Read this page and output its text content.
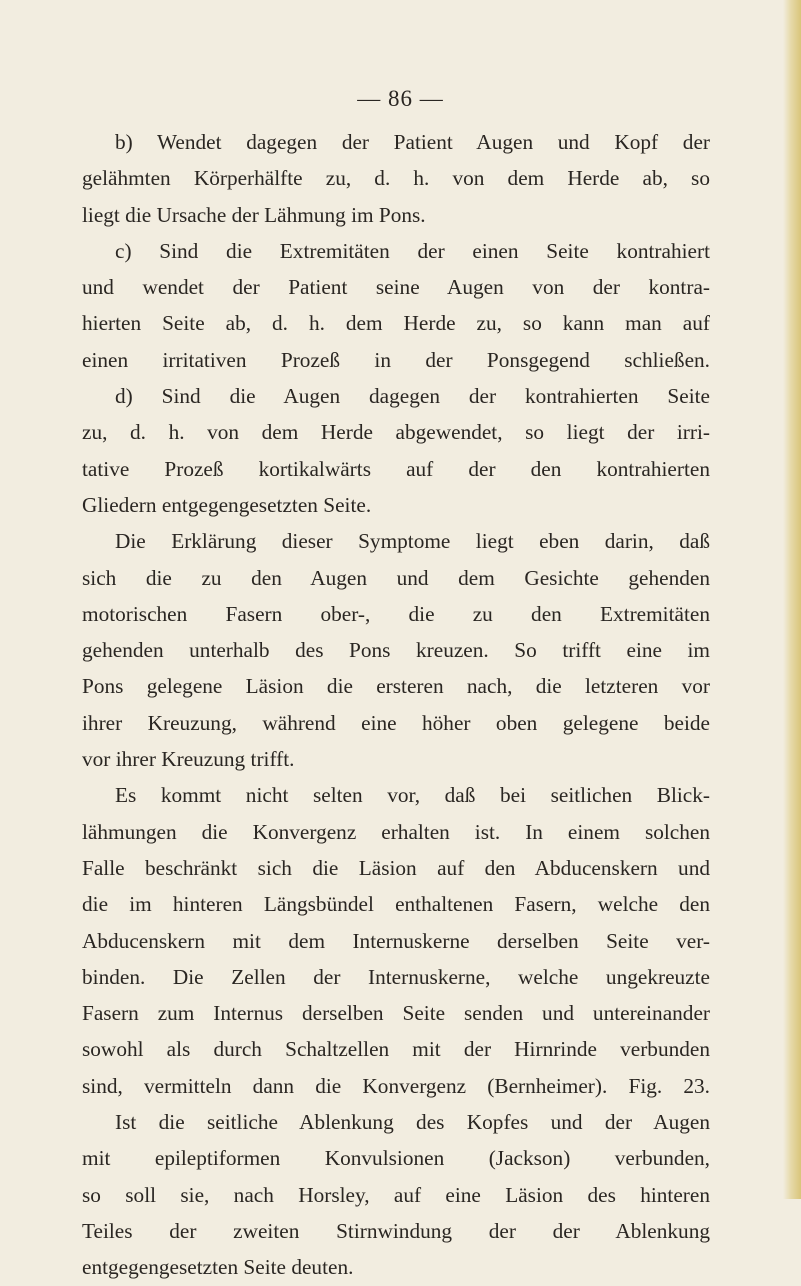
— 86 —
b) Wendet dagegen der Patient Augen und Kopf der
gelähmten Körperhälfte zu, d. h. von dem Herde ab, so
liegt die Ursache der Lähmung im Pons.
c) Sind die Extremitäten der einen Seite kontrahiert
und wendet der Patient seine Augen von der kontra-
hierten Seite ab, d. h. dem Herde zu, so kann man auf
einen irritativen Prozeß in der Ponsgegend schließen.
d) Sind die Augen dagegen der kontrahierten Seite
zu, d. h. von dem Herde abgewendet, so liegt der irri-
tative Prozeß kortikalwärts auf der den kontrahierten
Gliedern entgegengesetzten Seite.
Die Erklärung dieser Symptome liegt eben darin, daß
sich die zu den Augen und dem Gesichte gehenden
motorischen Fasern ober-, die zu den Extremitäten
gehenden unterhalb des Pons kreuzen. So trifft eine im
Pons gelegene Läsion die ersteren nach, die letzteren vor
ihrer Kreuzung, während eine höher oben gelegene beide
vor ihrer Kreuzung trifft.
Es kommt nicht selten vor, daß bei seitlichen Blick-
lähmungen die Konvergenz erhalten ist. In einem solchen
Falle beschränkt sich die Läsion auf den Abducenskern und
die im hinteren Längsbündel enthaltenen Fasern, welche den
Abducenskern mit dem Internuskerne derselben Seite ver-
binden. Die Zellen der Internuskerne, welche ungekreuzte
Fasern zum Internus derselben Seite senden und untereinander
sowohl als durch Schaltzellen mit der Hirnrinde verbunden
sind, vermitteln dann die Konvergenz (Bernheimer). Fig. 23.
Ist die seitliche Ablenkung des Kopfes und der Augen
mit epileptiformen Konvulsionen (Jackson) verbunden,
so soll sie, nach Horsley, auf eine Läsion des hinteren
Teiles der zweiten Stirnwindung der der Ablenkung
entgegengesetzten Seite deuten.
